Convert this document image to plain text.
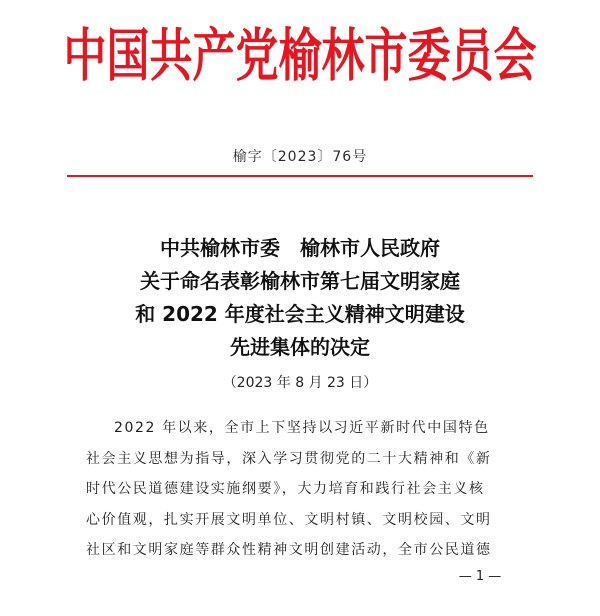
中国共产党榆林市委员会
榆字〔2023〕76号
中共榆林市委　榆林市人民政府
关于命名表彰榆林市第七届文明家庭
和 2022 年度社会主义精神文明建设
先进集体的决定
（2023 年 8 月 23 日）
2022 年以来，全市上下坚持以习近平新时代中国特色
社会主义思想为指导，深入学习贯彻党的二十大精神和《新
时代公民道德建设实施纲要》，大力培育和践行社会主义核
心价值观，扎实开展文明单位、文明村镇、文明校园、文明
社区和文明家庭等群众性精神文明创建活动，全市公民道德
— 1 —
